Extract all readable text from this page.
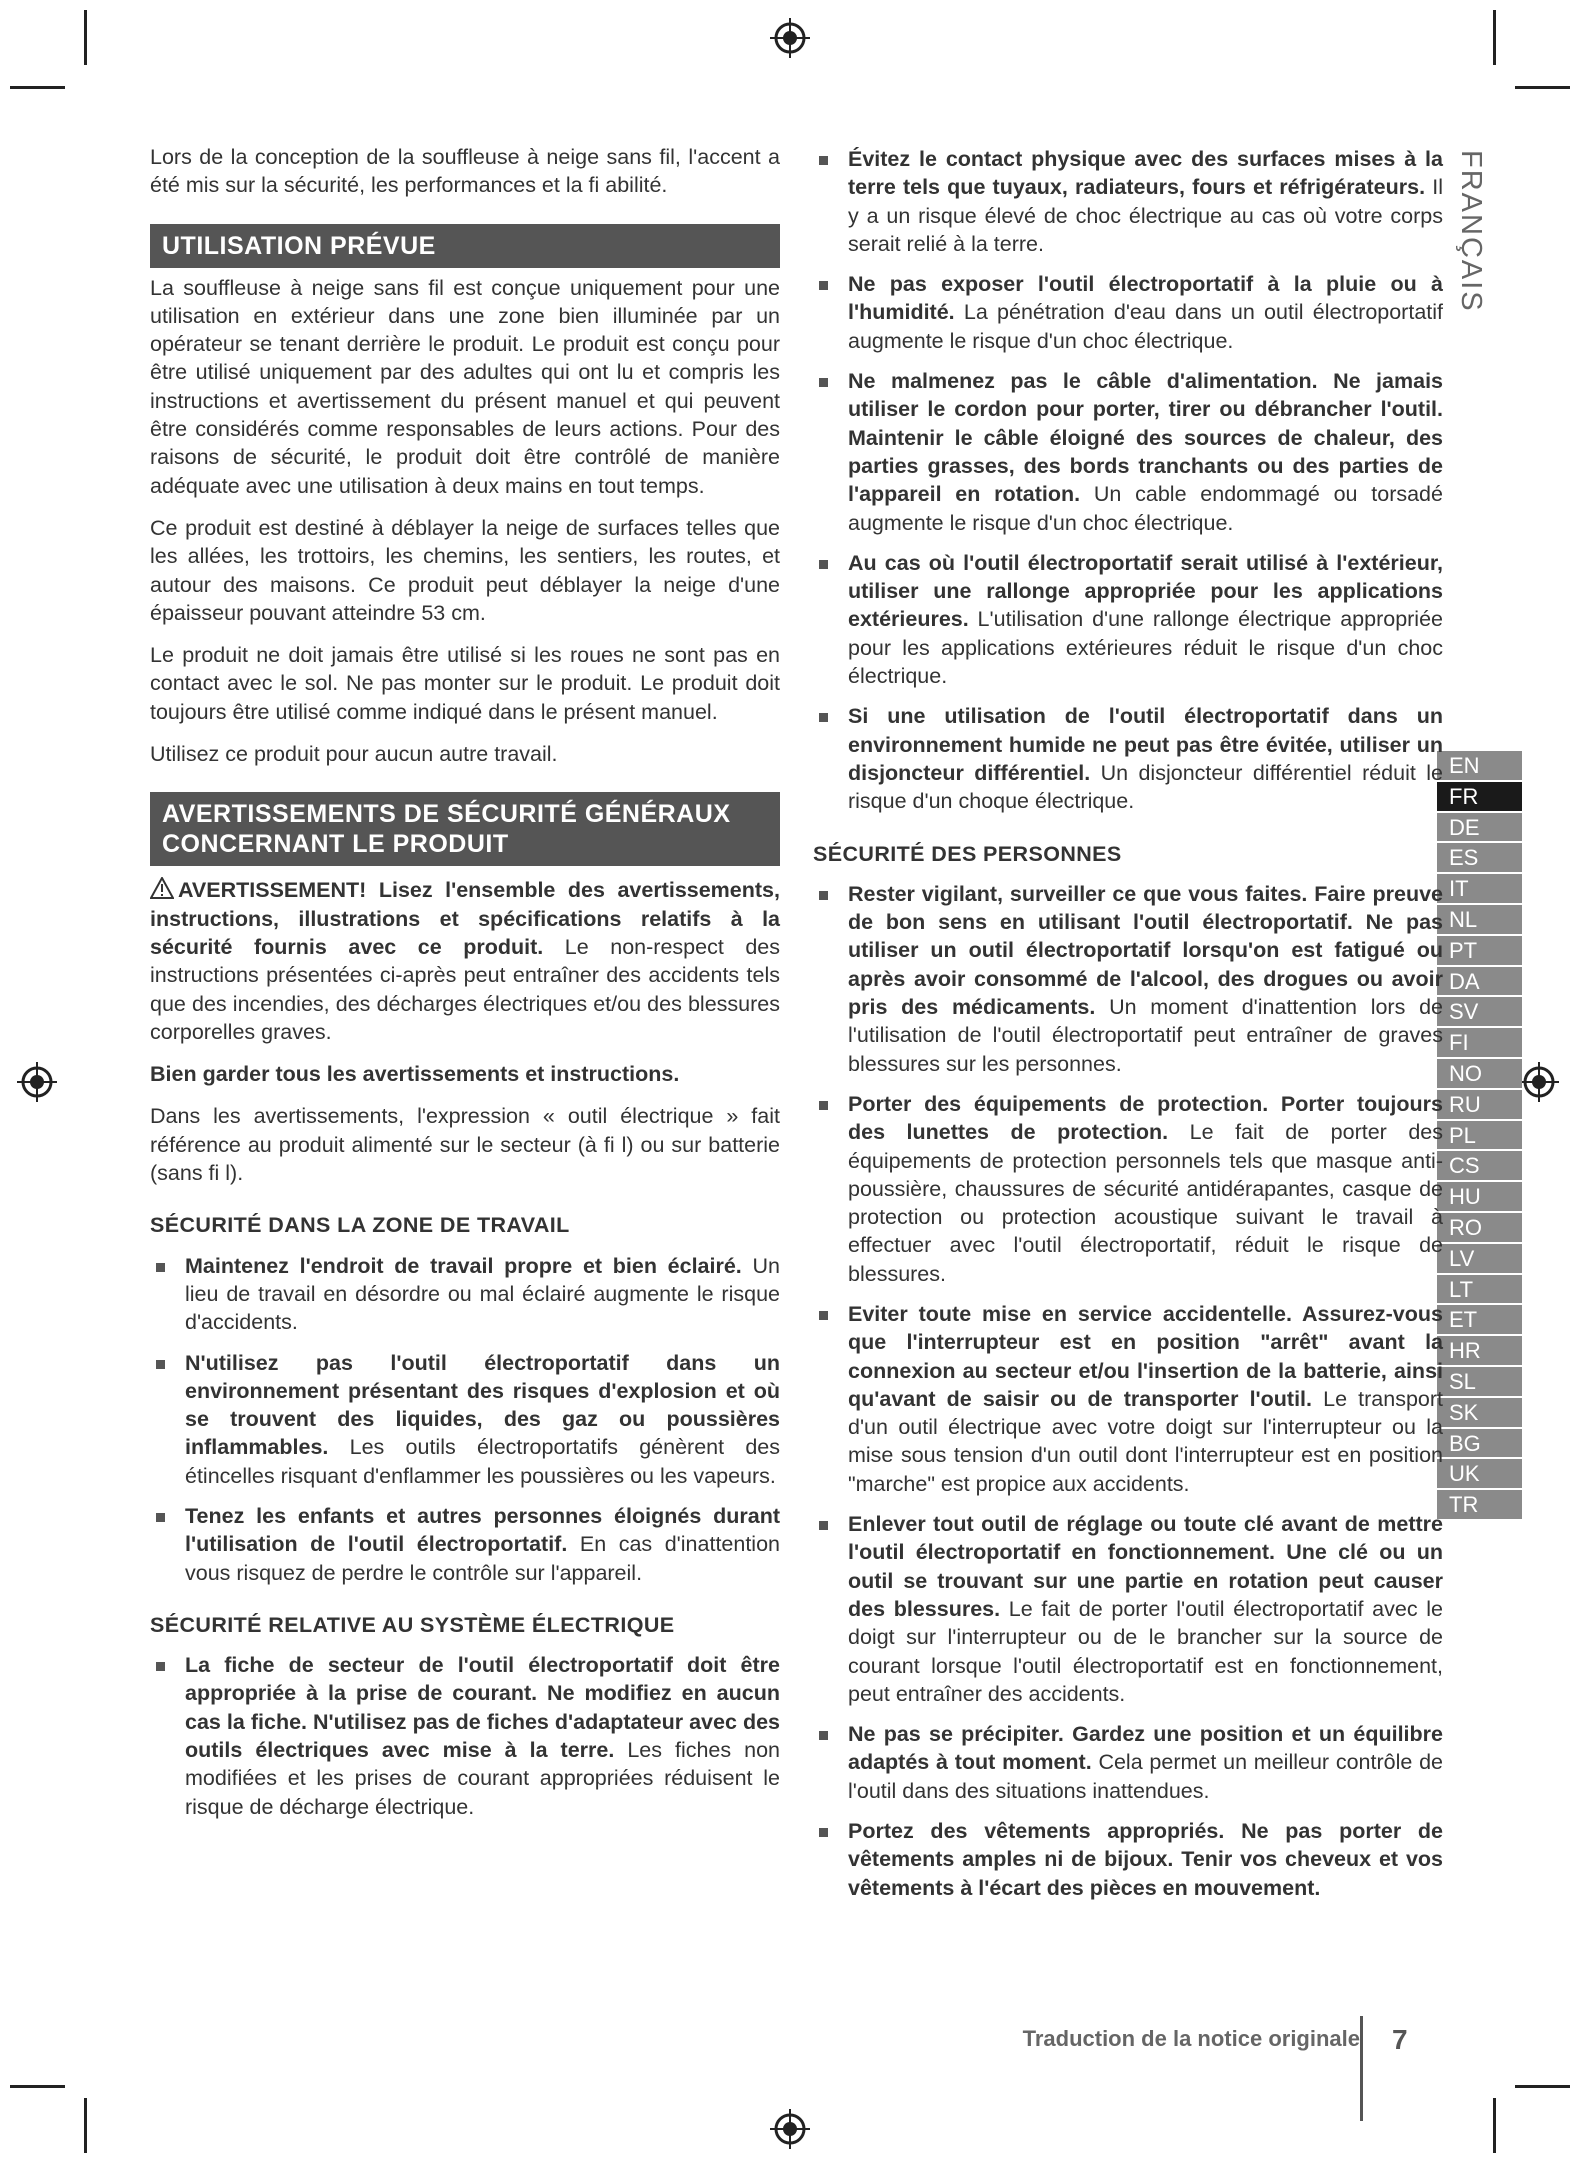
FRANÇAIS
EN
FR
DE
ES
IT
NL
PT
DA
SV
FI
NO
RU
PL
CS
HU
RO
LV
LT
ET
HR
SL
SK
BG
UK
TR

Lors de la conception de la souffleuse à neige sans fil, l'accent a été mis sur la sécurité, les performances et la fi abilité.

UTILISATION PRÉVUE

La souffleuse à neige sans fil est conçue uniquement pour une utilisation en extérieur dans une zone bien illuminée par un opérateur se tenant derrière le produit. Le produit est conçu pour être utilisé uniquement par des adultes qui ont lu et compris les instructions et avertissement du présent manuel et qui peuvent être considérés comme responsables de leurs actions. Pour des raisons de sécurité, le produit doit être contrôlé de manière adéquate avec une utilisation à deux mains en tout temps.

Ce produit est destiné à déblayer la neige de surfaces telles que les allées, les trottoirs, les chemins, les sentiers, les routes, et autour des maisons. Ce produit peut déblayer la neige d'une épaisseur pouvant atteindre 53 cm.

Le produit ne doit jamais être utilisé si les roues ne sont pas en contact avec le sol. Ne pas monter sur le produit. Le produit doit toujours être utilisé comme indiqué dans le présent manuel.

Utilisez ce produit pour aucun autre travail.

AVERTISSEMENTS DE SÉCURITÉ GÉNÉRAUX CONCERNANT LE PRODUIT

AVERTISSEMENT! Lisez l'ensemble des avertissements, instructions, illustrations et spécifications relatifs à la sécurité fournis avec ce produit. Le non-respect des instructions présentées ci-après peut entraîner des accidents tels que des incendies, des décharges électriques et/ou des blessures corporelles graves.

Bien garder tous les avertissements et instructions.

Dans les avertissements, l'expression « outil électrique » fait référence au produit alimenté sur le secteur (à fi l) ou sur batterie (sans fi l).

SÉCURITÉ DANS LA ZONE DE TRAVAIL
Maintenez l'endroit de travail propre et bien éclairé. Un lieu de travail en désordre ou mal éclairé augmente le risque d'accidents.
N'utilisez pas l'outil électroportatif dans un environnement présentant des risques d'explosion et où se trouvent des liquides, des gaz ou poussières inflammables. Les outils électroportatifs génèrent des étincelles risquant d'enflammer les poussières ou les vapeurs.
Tenez les enfants et autres personnes éloignés durant l'utilisation de l'outil électroportatif. En cas d'inattention vous risquez de perdre le contrôle sur l'appareil.
SÉCURITÉ RELATIVE AU SYSTÈME ÉLECTRIQUE
La fiche de secteur de l'outil électroportatif doit être appropriée à la prise de courant. Ne modifiez en aucun cas la fiche. N'utilisez pas de fiches d'adaptateur avec des outils électriques avec mise à la terre. Les fiches non modifiées et les prises de courant appropriées réduisent le risque de décharge électrique.
Évitez le contact physique avec des surfaces mises à la terre tels que tuyaux, radiateurs, fours et réfrigérateurs. Il y a un risque élevé de choc électrique au cas où votre corps serait relié à la terre.
Ne pas exposer l'outil électroportatif à la pluie ou à l'humidité. La pénétration d'eau dans un outil électroportatif augmente le risque d'un choc électrique.
Ne malmenez pas le câble d'alimentation. Ne jamais utiliser le cordon pour porter, tirer ou débrancher l'outil. Maintenir le câble éloigné des sources de chaleur, des parties grasses, des bords tranchants ou des parties de l'appareil en rotation. Un cable endommagé ou torsadé augmente le risque d'un choc électrique.
Au cas où l'outil électroportatif serait utilisé à l'extérieur, utiliser une rallonge appropriée pour les applications extérieures. L'utilisation d'une rallonge électrique appropriée pour les applications extérieures réduit le risque d'un choc électrique.
Si une utilisation de l'outil électroportatif dans un environnement humide ne peut pas être évitée, utiliser un disjoncteur différentiel. Un disjoncteur différentiel réduit le risque d'un choque électrique.
SÉCURITÉ DES PERSONNES
Rester vigilant, surveiller ce que vous faites. Faire preuve de bon sens en utilisant l'outil électroportatif. Ne pas utiliser un outil électroportatif lorsqu'on est fatigué ou après avoir consommé de l'alcool, des drogues ou avoir pris des médicaments. Un moment d'inattention lors de l'utilisation de l'outil électroportatif peut entraîner de graves blessures sur les personnes.
Porter des équipements de protection. Porter toujours des lunettes de protection. Le fait de porter des équipements de protection personnels tels que masque anti-poussière, chaussures de sécurité antidérapantes, casque de protection ou protection acoustique suivant le travail à effectuer avec l'outil électroportatif, réduit le risque de blessures.
Eviter toute mise en service accidentelle. Assurez-vous que l'interrupteur est en position "arrêt" avant la connexion au secteur et/ou l'insertion de la batterie, ainsi qu'avant de saisir ou de transporter l'outil. Le transport d'un outil électrique avec votre doigt sur l'interrupteur ou la mise sous tension d'un outil dont l'interrupteur est en position "marche" est propice aux accidents.
Enlever tout outil de réglage ou toute clé avant de mettre l'outil électroportatif en fonctionnement. Une clé ou un outil se trouvant sur une partie en rotation peut causer des blessures. Le fait de porter l'outil électroportatif avec le doigt sur l'interrupteur ou de le brancher sur la source de courant lorsque l'outil électroportatif est en fonctionnement, peut entraîner des accidents.
Ne pas se précipiter. Gardez une position et un équilibre adaptés à tout moment. Cela permet un meilleur contrôle de l'outil dans des situations inattendues.
Portez des vêtements appropriés. Ne pas porter de vêtements amples ni de bijoux. Tenir vos cheveux et vos vêtements à l'écart des pièces en mouvement.
Traduction de la notice originale 7
